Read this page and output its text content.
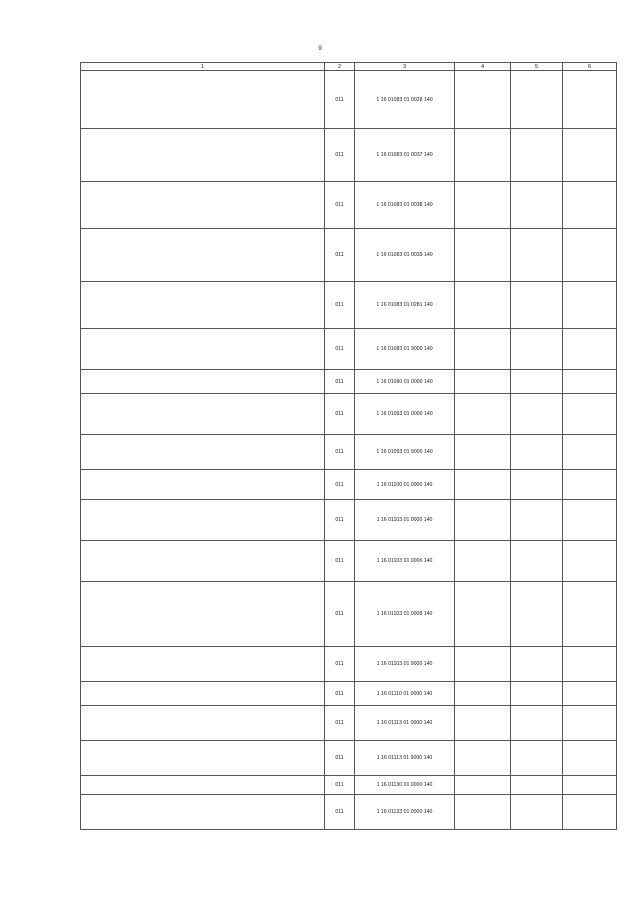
9
1	2	3	4	5	6
	011	1 16 01083 01 0028 140			
	011	1 16 01083 01 0037 140			
	011	1 16 01083 01 0038 140			
	011	1 16 01083 01 0039 140			
	011	1 16 01083 01 0281 140			
	011	1 16 01083 01 9000 140			
	011	1 16 01090 01 0000 140			
	011	1 16 01093 01 0000 140			
	011	1 16 01093 01 9000 140			
	011	1 16 01100 01 0000 140			
	011	1 16 01103 01 0000 140			
	011	1 16 01103 01 0006 140			
	011	1 16 01103 01 0008 140			
	011	1 16 01103 01 9000 140			
	011	1 16 01110 01 0000 140			
	011	1 16 01113 01 0000 140			
	011	1 16 01113 01 9000 140			
	011	1 16 01130 01 0000 140			
	011	1 16 01133 01 0000 140			
